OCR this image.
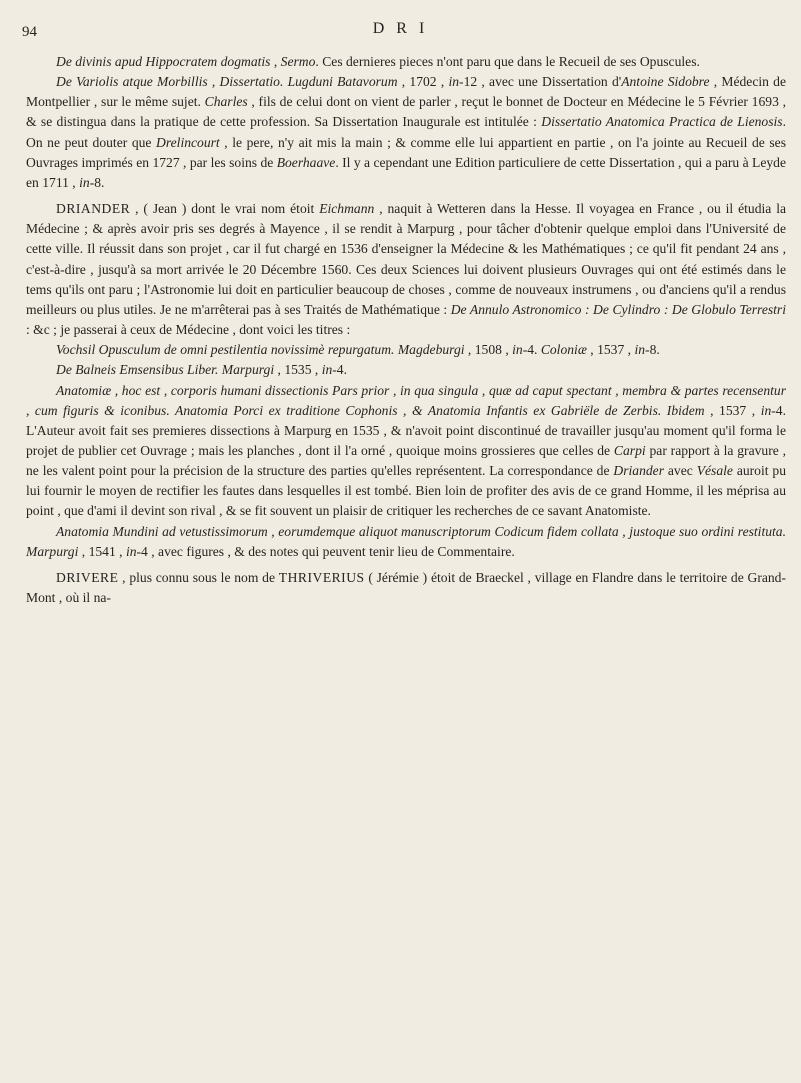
94	D R I

De divinis apud Hippocratem dogmatis , Sermo. Ces dernieres pieces n'ont paru que dans le Recueil de ses Opuscules.

De Variolis atque Morbillis , Dissertatio. Lugduni Batavorum , 1702 , in-12 , avec une Dissertation d'Antoine Sidobre , Médecin de Montpellier , sur le même sujet. Charles , fils de celui dont on vient de parler , reçut le bonnet de Docteur en Médecine le 5 Février 1693 , & se distingua dans la pratique de cette profession. Sa Dissertation Inaugurale est intitulée : Dissertatio Anatomica Practica de Lienosis. On ne peut douter que Drelincourt , le pere, n'y ait mis la main ; & comme elle lui appartient en partie , on l'a jointe au Recueil de ses Ouvrages imprimés en 1727 , par les soins de Boerhaave. Il y a cependant une Edition particuliere de cette Dissertation , qui a paru à Leyde en 1711 , in-8.

DRIANDER , ( Jean ) dont le vrai nom étoit Eichmann , naquit à Wetteren dans la Hesse. Il voyagea en France , ou il étudia la Médecine ; & après avoir pris ses degrés à Mayence , il se rendit à Marpurg , pour tâcher d'obtenir quelque emploi dans l'Université de cette ville. Il réussit dans son projet , car il fut chargé en 1536 d'enseigner la Médecine & les Mathématiques ; ce qu'il fit pendant 24 ans , c'est-à-dire , jusqu'à sa mort arrivée le 20 Décembre 1560. Ces deux Sciences lui doivent plusieurs Ouvrages qui ont été estimés dans le tems qu'ils ont paru ; l'Astronomie lui doit en particulier beaucoup de choses , comme de nouveaux instrumens , ou d'anciens qu'il a rendus meilleurs ou plus utiles. Je ne m'arrêterai pas à ses Traités de Mathématique : De Annulo Astronomico : De Cylindro : De Globulo Terrestri : &c ; je passerai à ceux de Médecine , dont voici les titres :

Vochsil Opusculum de omni pestilentia novissimè repurgatum. Magdeburgi , 1508 , in-4. Coloniæ , 1537 , in-8.

De Balneis Emsensibus Liber. Marpurgi , 1535 , in-4.

Anatomiæ , hoc est , corporis humani dissectionis Pars prior , in qua singula , quæ ad caput spectant , membra & partes recensentur , cum figuris & iconibus. Anatomia Porci ex traditione Cophonis , & Anatomia Infantis ex Gabriële de Zerbis. Ibidem , 1537 , in-4. L'Auteur avoit fait ses premieres dissections à Marpurg en 1535 , & n'avoit point discontinué de travailler jusqu'au moment qu'il forma le projet de publier cet Ouvrage ; mais les planches , dont il l'a orné , quoique moins grossieres que celles de Carpi par rapport à la gravure , ne les valent point pour la précision de la structure des parties qu'elles représentent. La correspondance de Driander avec Vésale auroit pu lui fournir le moyen de rectifier les fautes dans lesquelles il est tombé. Bien loin de profiter des avis de ce grand Homme, il les méprisa au point , que d'ami il devint son rival , & se fit souvent un plaisir de critiquer les recherches de ce savant Anatomiste.

Anatomia Mundini ad vetustissimorum , eorumdemque aliquot manuscriptorum Codicum fidem collata , justoque suo ordini restituta. Marpurgi , 1541 , in-4 , avec figures , & des notes qui peuvent tenir lieu de Commentaire.

DRIVERE , plus connu sous le nom de THRIVERIUS ( Jérémie ) étoit de Braeckel , village en Flandre dans le territoire de Grand-Mont , où il na-
